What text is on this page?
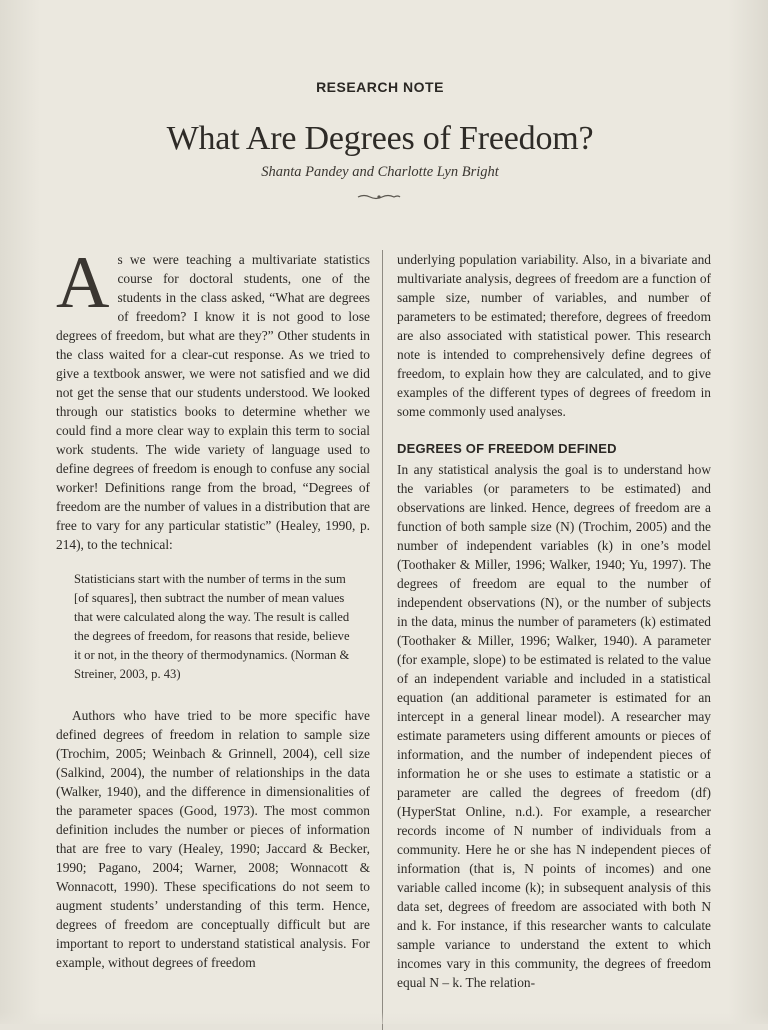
RESEARCH NOTE
What Are Degrees of Freedom?
Shanta Pandey and Charlotte Lyn Bright

As we were teaching a multivariate statistics course for doctoral students, one of the students in the class asked, “What are degrees of freedom? I know it is not good to lose degrees of freedom, but what are they?” Other students in the class waited for a clear-cut response. As we tried to give a textbook answer, we were not satisfied and we did not get the sense that our students understood. We looked through our statistics books to determine whether we could find a more clear way to explain this term to social work students. The wide variety of language used to define degrees of freedom is enough to confuse any social worker! Definitions range from the broad, “Degrees of freedom are the number of values in a distribution that are free to vary for any particular statistic” (Healey, 1990, p. 214), to the technical:

Statisticians start with the number of terms in the sum [of squares], then subtract the number of mean values that were calculated along the way. The result is called the degrees of freedom, for reasons that reside, believe it or not, in the theory of thermodynamics. (Norman & Streiner, 2003, p. 43)

Authors who have tried to be more specific have defined degrees of freedom in relation to sample size (Trochim, 2005; Weinbach & Grinnell, 2004), cell size (Salkind, 2004), the number of relationships in the data (Walker, 1940), and the difference in dimensionalities of the parameter spaces (Good, 1973). The most common definition includes the number or pieces of information that are free to vary (Healey, 1990; Jaccard & Becker, 1990; Pagano, 2004; Warner, 2008; Wonnacott & Wonnacott, 1990). These specifications do not seem to augment students’ understanding of this term. Hence, degrees of freedom are conceptually difficult but are important to report to understand statistical analysis. For example, without degrees of freedom

underlying population variability. Also, in a bivariate and multivariate analysis, degrees of freedom are a function of sample size, number of variables, and number of parameters to be estimated; therefore, degrees of freedom are also associated with statistical power. This research note is intended to comprehensively define degrees of freedom, to explain how they are calculated, and to give examples of the different types of degrees of freedom in some commonly used analyses.

DEGREES OF FREEDOM DEFINED

In any statistical analysis the goal is to understand how the variables (or parameters to be estimated) and observations are linked. Hence, degrees of freedom are a function of both sample size (N) (Trochim, 2005) and the number of independent variables (k) in one’s model (Toothaker & Miller, 1996; Walker, 1940; Yu, 1997). The degrees of freedom are equal to the number of independent observations (N), or the number of subjects in the data, minus the number of parameters (k) estimated (Toothaker & Miller, 1996; Walker, 1940). A parameter (for example, slope) to be estimated is related to the value of an independent variable and included in a statistical equation (an additional parameter is estimated for an intercept in a general linear model). A researcher may estimate parameters using different amounts or pieces of information, and the number of independent pieces of information he or she uses to estimate a statistic or a parameter are called the degrees of freedom (df) (HyperStat Online, n.d.). For example, a researcher records income of N number of individuals from a community. Here he or she has N independent pieces of information (that is, N points of incomes) and one variable called income (k); in subsequent analysis of this data set, degrees of freedom are associated with both N and k. For instance, if this researcher wants to calculate sample variance to understand the extent to which incomes vary in this community, the degrees of freedom equal N – k. The relation-
